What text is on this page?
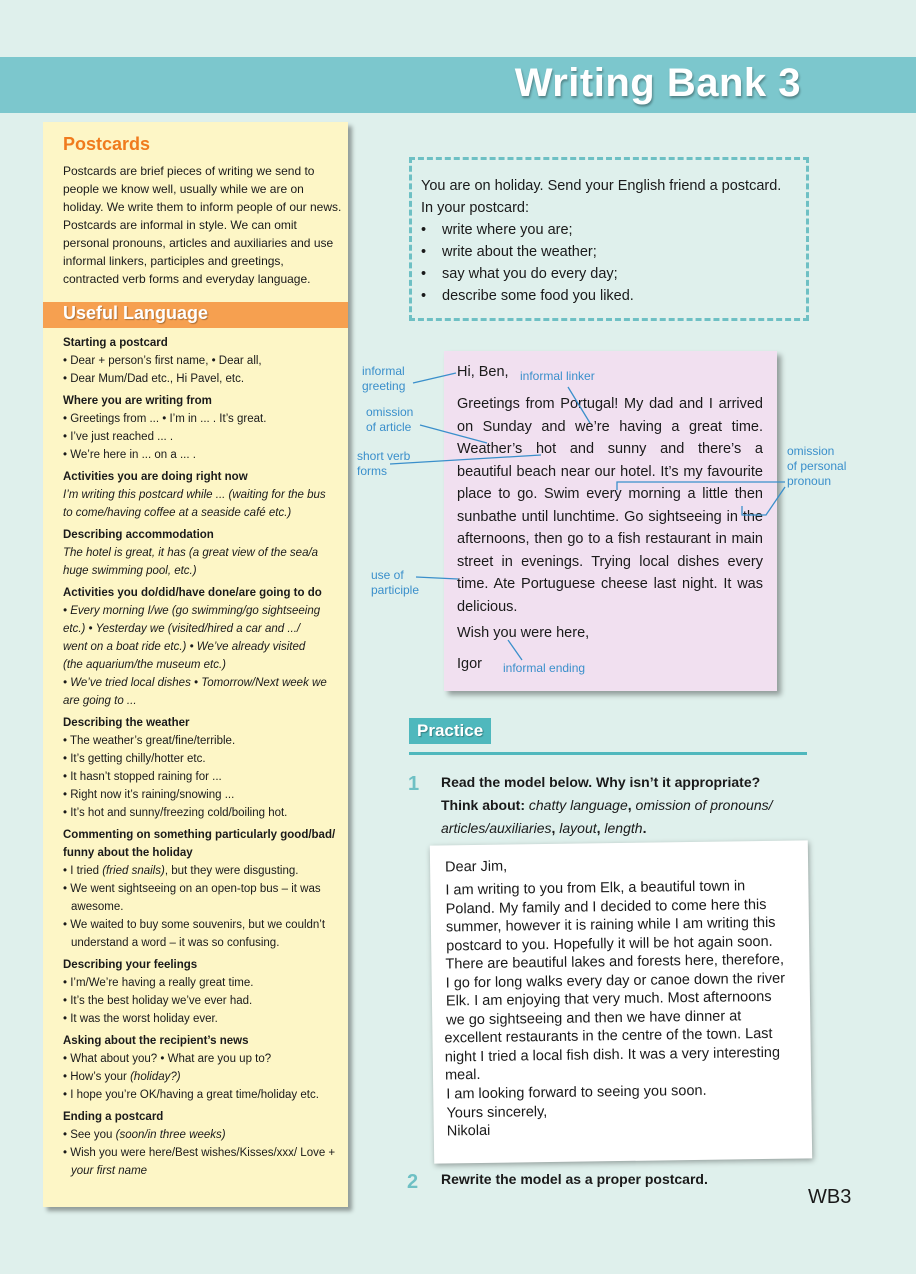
Writing Bank 3
Postcards
Postcards are brief pieces of writing we send to people we know well, usually while we are on holiday. We write them to inform people of our news. Postcards are informal in style. We can omit personal pronouns, articles and auxiliaries and use informal linkers, participles and greetings, contracted verb forms and everyday language.
Useful Language
Starting a postcard
• Dear + person’s first name, • Dear all,
• Dear Mum/Dad etc., Hi Pavel, etc.
Where you are writing from
• Greetings from ... • I’m in ... . It’s great.
• I’ve just reached ... .
• We’re here in ... on a ... .
Activities you are doing right now
I’m writing this postcard while ... (waiting for the bus
to come/having coffee at a seaside café etc.)
Describing accommodation
The hotel is great, it has (a great view of the sea/a
huge swimming pool, etc.)
Activities you do/did/have done/are going to do
• Every morning I/we (go swimming/go sightseeing
etc.) • Yesterday we (visited/hired a car and .../
went on a boat ride etc.) • We’ve already visited
(the aquarium/the museum etc.)
• We’ve tried local dishes • Tomorrow/Next week we
are going to ...
Describing the weather
• The weather’s great/fine/terrible.
• It’s getting chilly/hotter etc.
• It hasn’t stopped raining for ...
• Right now it’s raining/snowing ...
• It’s hot and sunny/freezing cold/boiling hot.
Commenting on something particularly good/bad/ funny about the holiday
• I tried (fried snails), but they were disgusting.
• We went sightseeing on an open-top bus – it was
awesome.
• We waited to buy some souvenirs, but we couldn’t
understand a word – it was so confusing.
Describing your feelings
• I’m/We’re having a really great time.
• It’s the best holiday we’ve ever had.
• It was the worst holiday ever.
Asking about the recipient’s news
• What about you? • What are you up to?
• How’s your (holiday?)
• I hope you’re OK/having a great time/holiday etc.
Ending a postcard
• See you (soon/in three weeks)
• Wish you were here/Best wishes/Kisses/xxx/ Love +
your first name
You are on holiday. Send your English friend a postcard.
In your postcard:
•	write where you are;
•	write about the weather;
•	say what you do every day;
•	describe some food you liked.
Hi, Ben,
Greetings from Portugal! My dad and I arrived on Sunday and we’re having a great time. Weather’s hot and sunny and there’s a beautiful beach near our hotel. It’s my favourite place to go. Swim every morning a little then sunbathe until lunchtime. Go sightseeing in the afternoons, then go to a fish restaurant in main street in evenings. Trying local dishes every time. Ate Portuguese cheese last night. It was delicious.
Wish you were here,
Igor
informal
greeting
informal linker
omission
of article
short verb
forms
omission
of personal
pronoun
use of
participle
informal ending
Practice
1 Read the model below. Why isn’t it appropriate?
Think about: chatty language, omission of pronouns/
articles/auxiliaries, layout, length.
Dear Jim,
I am writing to you from Elk, a beautiful town in
Poland. My family and I decided to come here this
summer, however it is raining while I am writing this
postcard to you. Hopefully it will be hot again soon.
There are beautiful lakes and forests here, therefore,
I go for long walks every day or canoe down the river
Elk. I am enjoying that very much. Most afternoons
we go sightseeing and then we have dinner at
excellent restaurants in the centre of the town. Last
night I tried a local fish dish. It was a very interesting
meal.
I am looking forward to seeing you soon.
Yours sincerely,
Nikolai
2 Rewrite the model as a proper postcard.
WB3
